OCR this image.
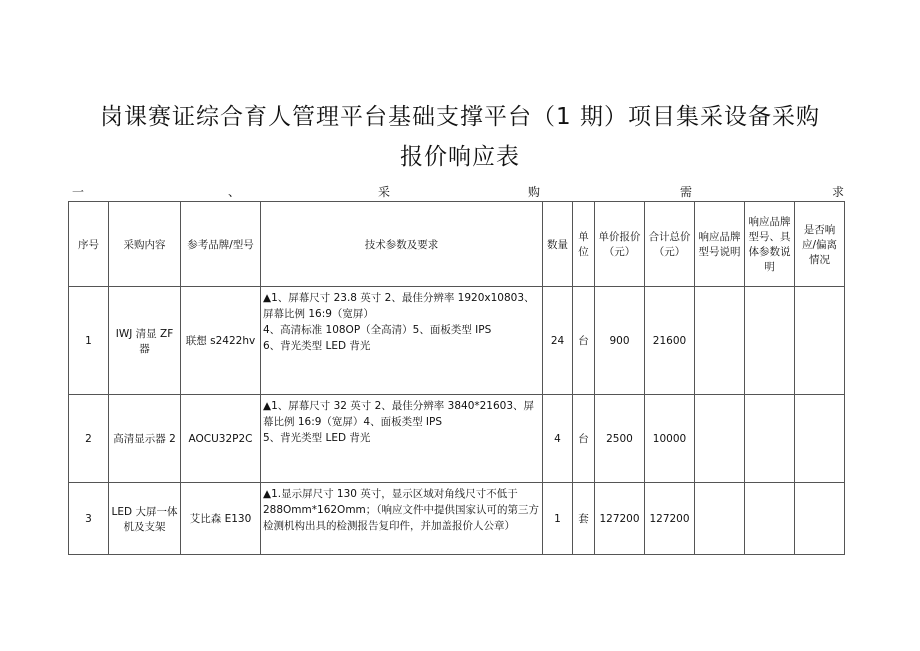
岗课赛证综合育人管理平台基础支撑平台（1 期）项目集采设备采购
报价响应表
一	、	采	购	需	求
序号	采购内容	参考品牌/型号	技术参数及要求	数量	单位	单价报价（元）	合计总价（元）	响应品牌型号说明	响应品牌型号、具体参数说明	是否响应/偏离情况
1	IWJ 清显 ZF 器	联想 s2422hv	▲1、屏幕尺寸 23.8 英寸 2、最佳分辨率 1920x10803、屏幕比例 16:9（宽屏）
4、高清标准 108OP（全高清）5、面板类型 IPS
6、背光类型 LED 背光	24	台	900	21600			
2	高清显示器 2	AOCU32P2C	▲1、屏幕尺寸 32 英寸 2、最佳分辨率 3840*21603、屏幕比例 16:9（宽屏）4、面板类型 IPS
5、背光类型 LED 背光	4	台	2500	10000			
3	LED 大屏一体机及支架	艾比森 E130	▲1.显示屏尺寸 130 英寸，显示区域对角线尺寸不低于 288Omm*162Omm；（响应文件中提供国家认可的第三方检测机构出具的检测报告复印件，并加盖报价人公章）	1	套	127200	127200			
